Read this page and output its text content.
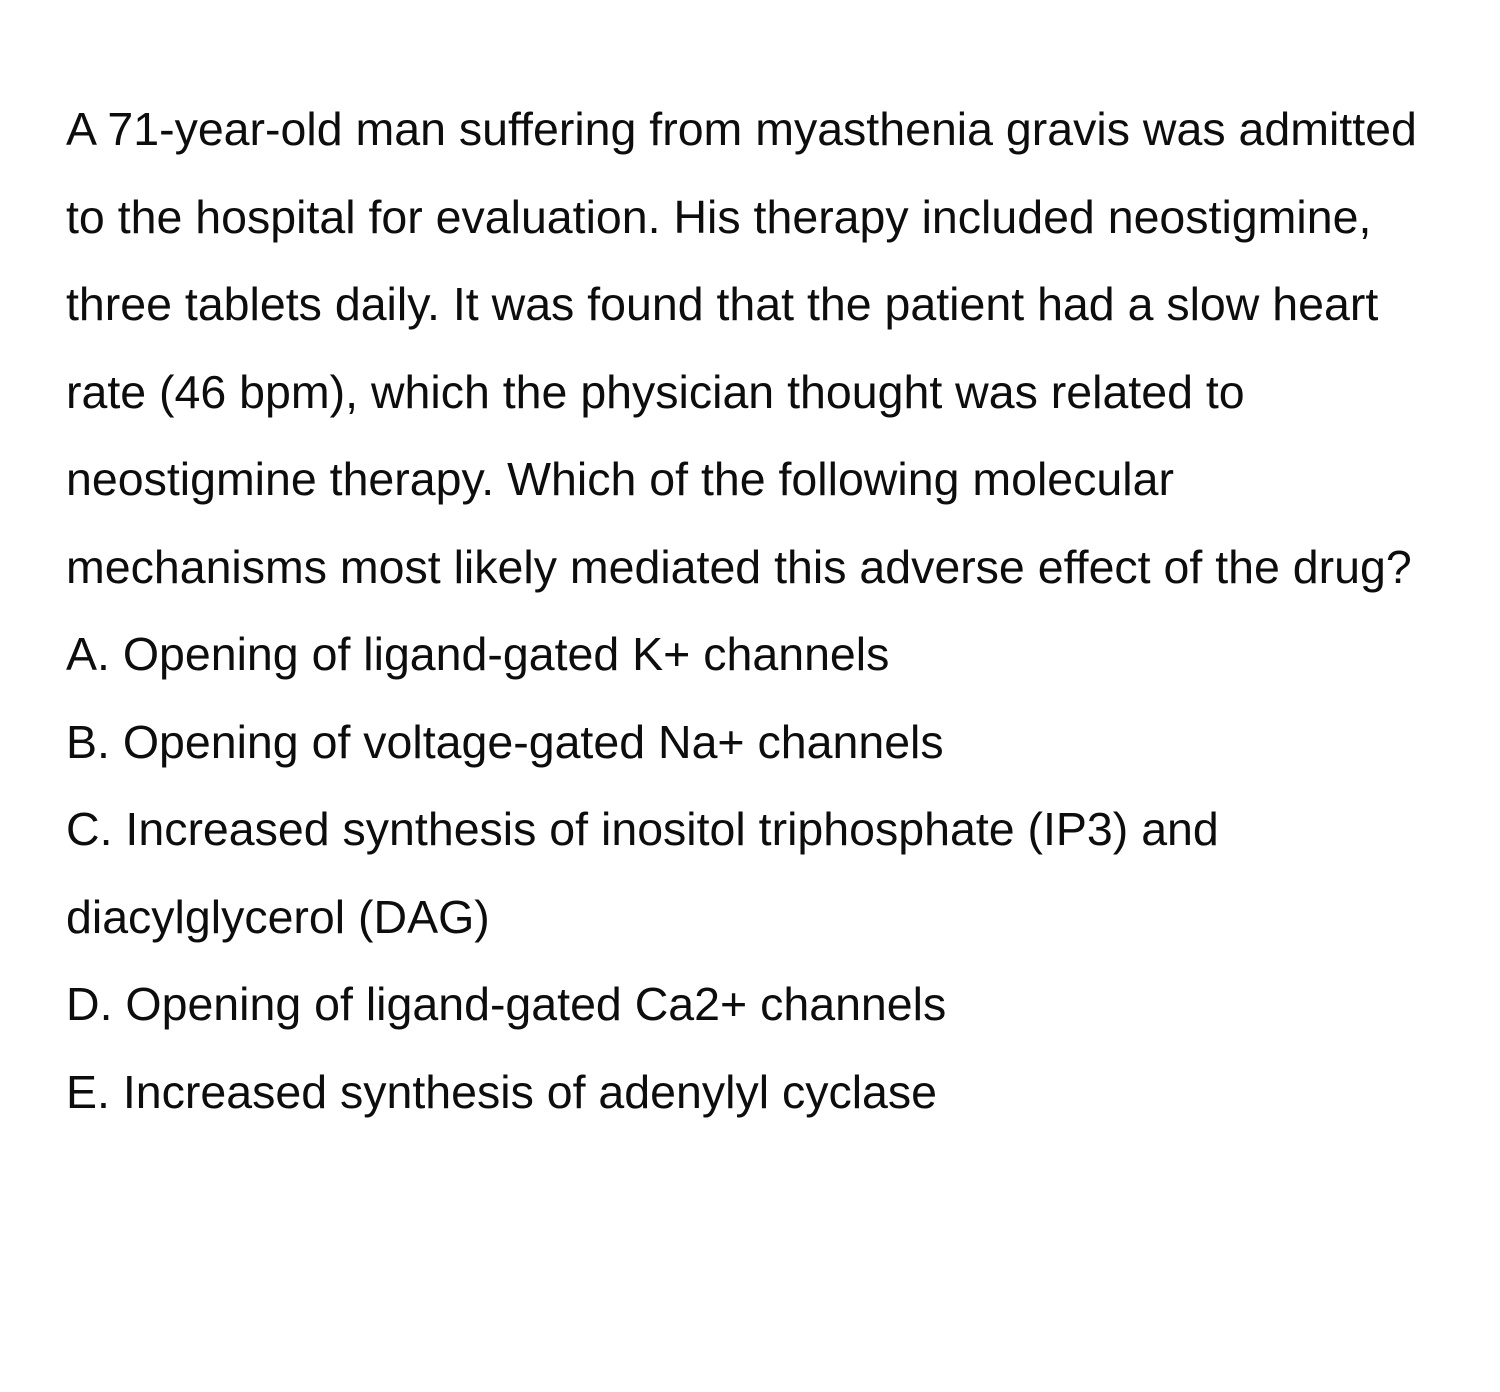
A 71-year-old man suffering from myasthenia gravis was admitted to the hospital for evaluation. His therapy included neostigmine, three tablets daily. It was found that the patient had a slow heart rate (46 bpm), which the physician thought was related to neostigmine therapy. Which of the following molecular mechanisms most likely mediated this adverse effect of the drug?

A. Opening of ligand-gated K+ channels
B. Opening of voltage-gated Na+ channels
C. Increased synthesis of inositol triphosphate (IP3) and diacylglycerol (DAG)
D. Opening of ligand-gated Ca2+ channels
E. Increased synthesis of adenylyl cyclase
